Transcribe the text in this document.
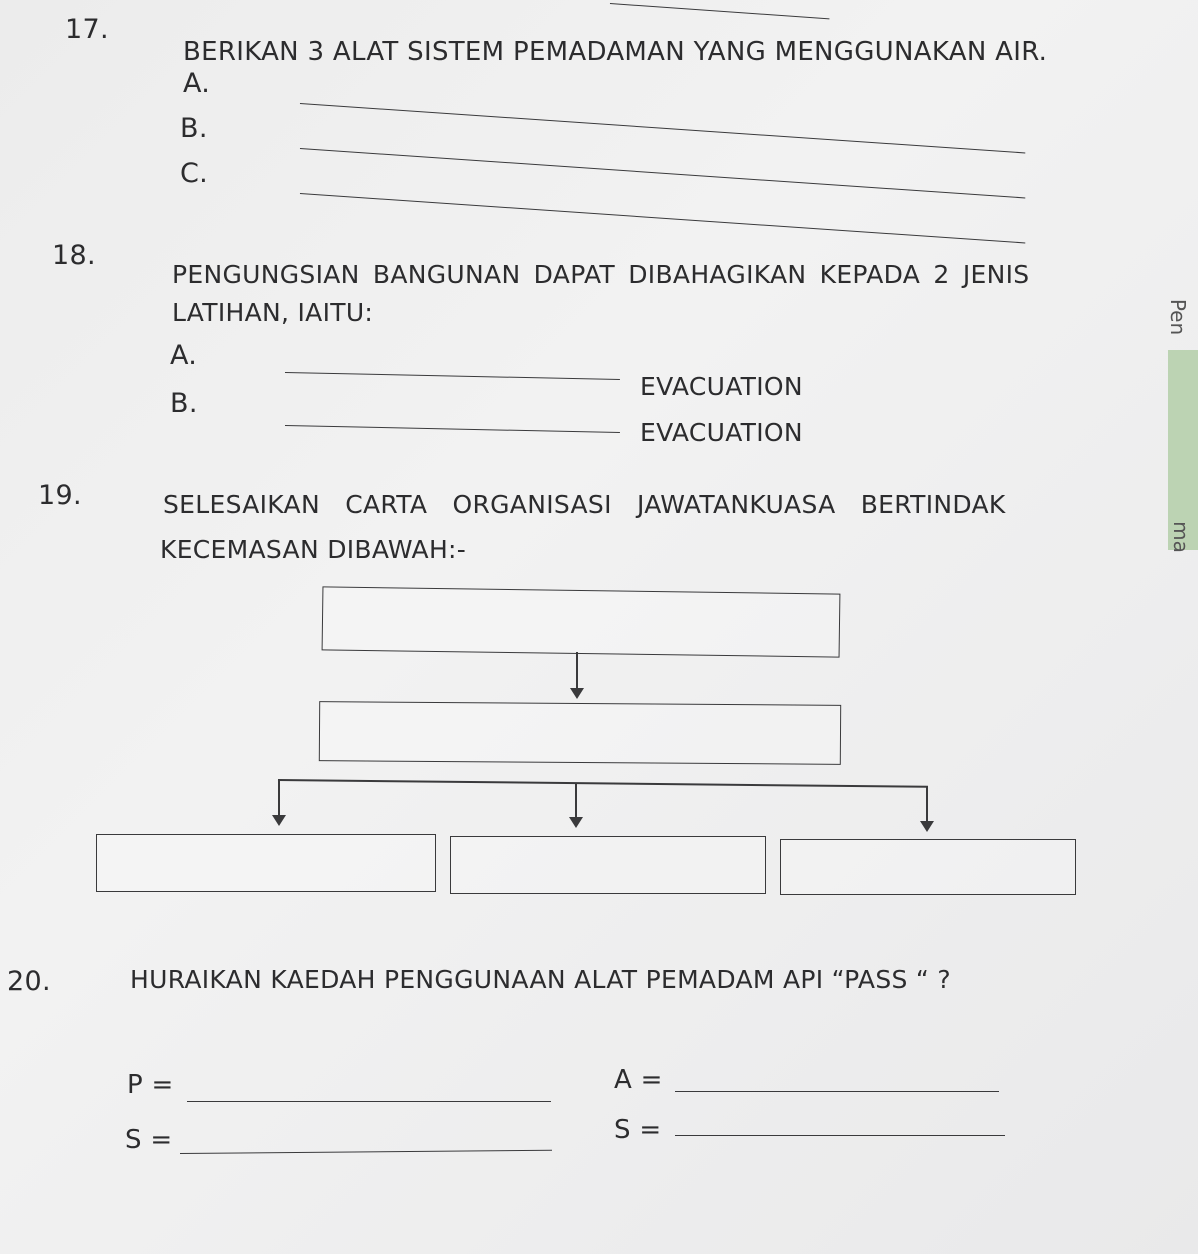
Pen
ma
17.
BERIKAN 3 ALAT SISTEM PEMADAMAN YANG MENGGUNAKAN AIR.
A.
B.
C.
18.
PENGUNGSIAN BANGUNAN DAPAT DIBAHAGIKAN KEPADA 2 JENIS
LATIHAN, IAITU:
A.
B.
EVACUATION
EVACUATION
19.	SELESAIKAN CARTA ORGANISASI JAWATANKUASA BERTINDAK
KECEMASAN DIBAWAH:-
20.	HURAIKAN KAEDAH PENGGUNAAN ALAT PEMADAM API “PASS “ ?
P =	A =
S =	S =
